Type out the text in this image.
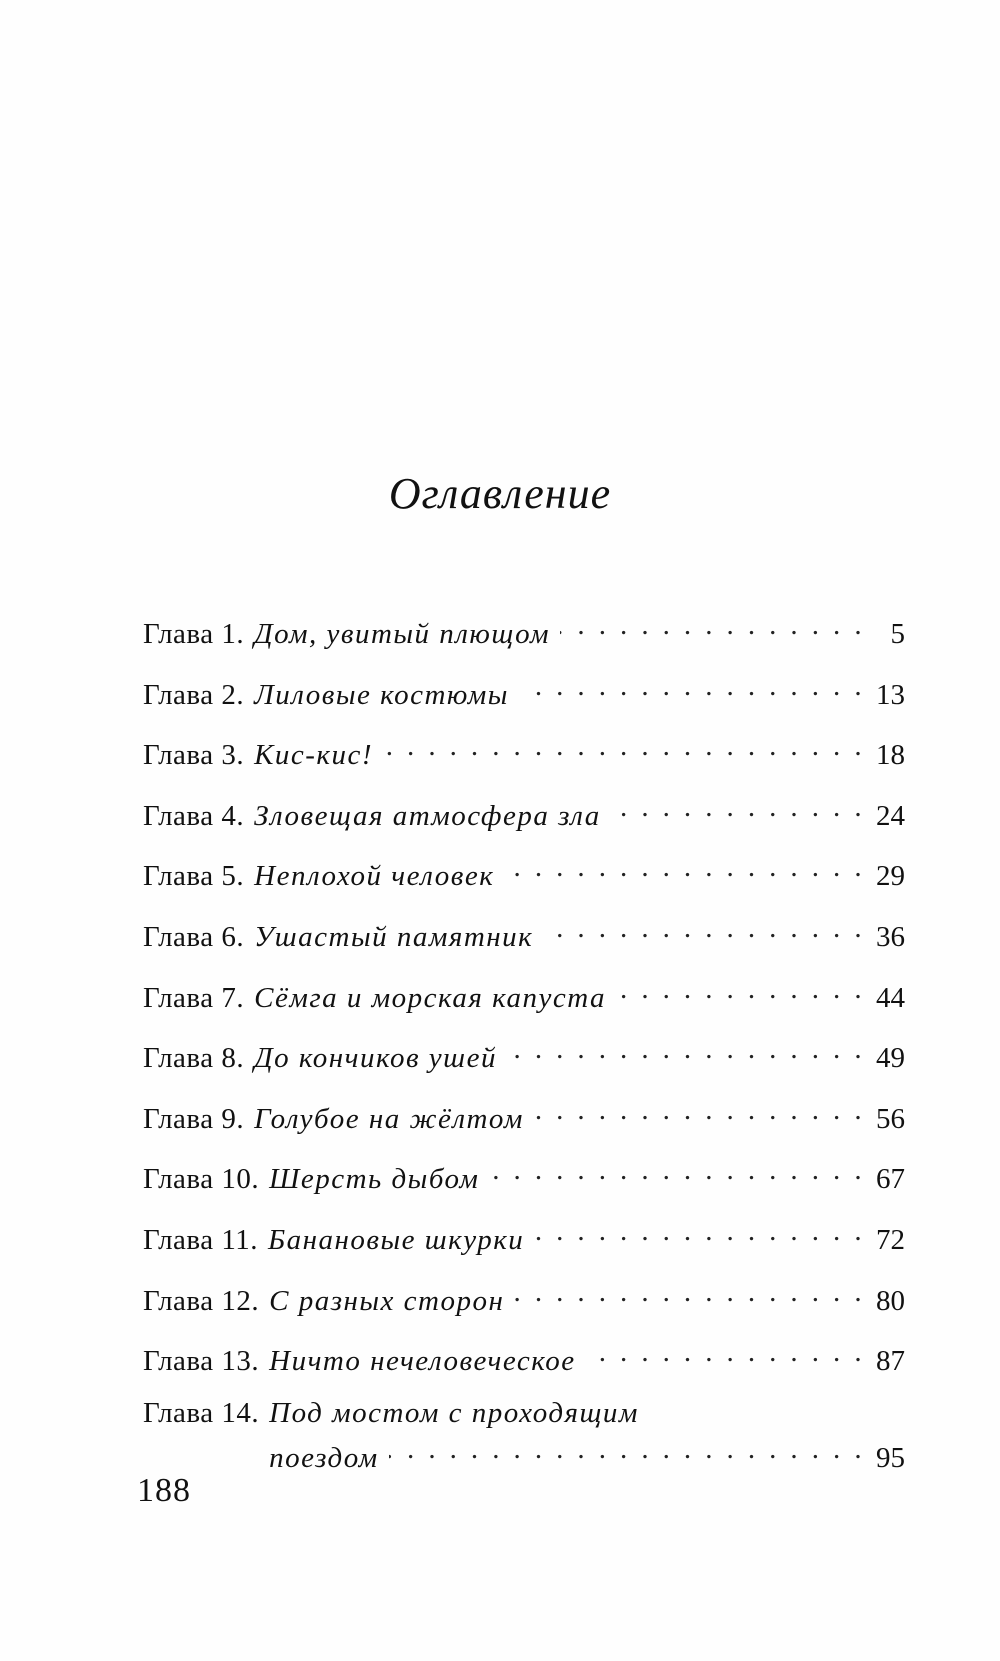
Оглавление
Глава 1. Дом, увитый плющом . . .	5
Глава 2. Лиловые костюмы . . .	13
Глава 3. Кис-кис! . . .	18
Глава 4. Зловещая атмосфера зла . . .	24
Глава 5. Неплохой человек . . .	29
Глава 6. Ушастый памятник . . .	36
Глава 7. Сёмга и морская капуста . . .	44
Глава 8. До кончиков ушей . . .	49
Глава 9. Голубое на жёлтом . . .	56
Глава 10. Шерсть дыбом . . .	67
Глава 11. Банановые шкурки . . .	72
Глава 12. С разных сторон . . .	80
Глава 13. Ничто нечеловеческое . . .	87
Глава 14. Под мостом с проходящим
поездом . . .	95
188
